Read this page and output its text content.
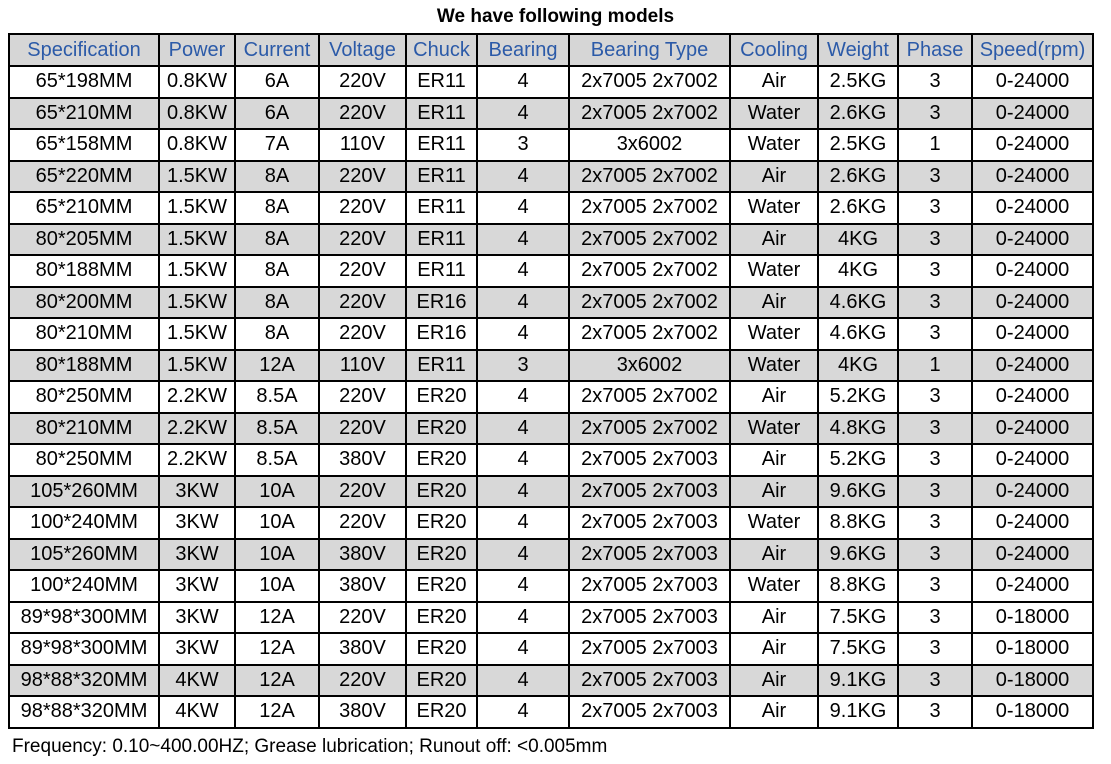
We have following models
Specification	Power	Current	Voltage	Chuck	Bearing	Bearing Type	Cooling	Weight	Phase	Speed(rpm)
65*198MM	0.8KW	6A	220V	ER11	4	2x7005 2x7002	Air	2.5KG	3	0-24000
65*210MM	0.8KW	6A	220V	ER11	4	2x7005 2x7002	Water	2.6KG	3	0-24000
65*158MM	0.8KW	7A	110V	ER11	3	3x6002	Water	2.5KG	1	0-24000
65*220MM	1.5KW	8A	220V	ER11	4	2x7005 2x7002	Air	2.6KG	3	0-24000
65*210MM	1.5KW	8A	220V	ER11	4	2x7005 2x7002	Water	2.6KG	3	0-24000
80*205MM	1.5KW	8A	220V	ER11	4	2x7005 2x7002	Air	4KG	3	0-24000
80*188MM	1.5KW	8A	220V	ER11	4	2x7005 2x7002	Water	4KG	3	0-24000
80*200MM	1.5KW	8A	220V	ER16	4	2x7005 2x7002	Air	4.6KG	3	0-24000
80*210MM	1.5KW	8A	220V	ER16	4	2x7005 2x7002	Water	4.6KG	3	0-24000
80*188MM	1.5KW	12A	110V	ER11	3	3x6002	Water	4KG	1	0-24000
80*250MM	2.2KW	8.5A	220V	ER20	4	2x7005 2x7002	Air	5.2KG	3	0-24000
80*210MM	2.2KW	8.5A	220V	ER20	4	2x7005 2x7002	Water	4.8KG	3	0-24000
80*250MM	2.2KW	8.5A	380V	ER20	4	2x7005 2x7003	Air	5.2KG	3	0-24000
105*260MM	3KW	10A	220V	ER20	4	2x7005 2x7003	Air	9.6KG	3	0-24000
100*240MM	3KW	10A	220V	ER20	4	2x7005 2x7003	Water	8.8KG	3	0-24000
105*260MM	3KW	10A	380V	ER20	4	2x7005 2x7003	Air	9.6KG	3	0-24000
100*240MM	3KW	10A	380V	ER20	4	2x7005 2x7003	Water	8.8KG	3	0-24000
89*98*300MM	3KW	12A	220V	ER20	4	2x7005 2x7003	Air	7.5KG	3	0-18000
89*98*300MM	3KW	12A	380V	ER20	4	2x7005 2x7003	Air	7.5KG	3	0-18000
98*88*320MM	4KW	12A	220V	ER20	4	2x7005 2x7003	Air	9.1KG	3	0-18000
98*88*320MM	4KW	12A	380V	ER20	4	2x7005 2x7003	Air	9.1KG	3	0-18000
Frequency: 0.10~400.00HZ; Grease lubrication; Runout off: <0.005mm
